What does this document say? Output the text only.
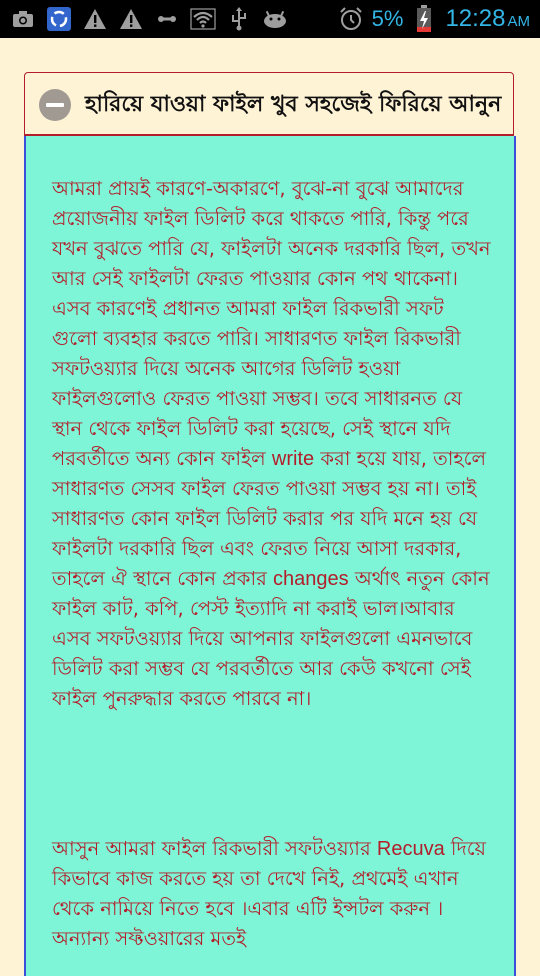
5% 12:28 AM
হারিয়ে যাওয়া ফাইল খুব সহজেই ফিরিয়ে আনুন

আমরা প্রায়ই কারণে-অকারণে, বুঝে-না বুঝে আমাদের প্রয়োজনীয় ফাইল ডিলিট করে থাকতে পারি, কিন্তু পরে যখন বুঝতে পারি যে, ফাইলটা অনেক দরকারি ছিল, তখন আর সেই ফাইলটা ফেরত পাওয়ার কোন পথ থাকেনা। এসব কারণেই প্রধানত আমরা ফাইল রিকভারী সফট গুলো ব্যবহার করতে পারি। সাধারণত ফাইল রিকভারী সফটওয়্যার দিয়ে অনেক আগের ডিলিট হওয়া ফাইলগুলোও ফেরত পাওয়া সম্ভব। তবে সাধারনত যে স্থান থেকে ফাইল ডিলিট করা হয়েছে, সেই স্থানে যদি পরবর্তীতে অন্য কোন ফাইল write করা হয়ে যায়, তাহলে সাধারণত সেসব ফাইল ফেরত পাওয়া সম্ভব হয় না। তাই সাধারণত কোন ফাইল ডিলিট করার পর যদি মনে হয় যে ফাইলটা দরকারি ছিল এবং ফেরত নিয়ে আসা দরকার, তাহলে ঐ স্থানে কোন প্রকার changes অর্থাৎ নতুন কোন ফাইল কাট, কপি, পেস্ট ইত্যাদি না করাই ভাল।আবার এসব সফটওয়্যার দিয়ে আপনার ফাইলগুলো এমনভাবে ডিলিট করা সম্ভব যে পরবর্তীতে আর কেউ কখনো সেই ফাইল পুনরুদ্ধার করতে পারবে না।

আসুন আমরা ফাইল রিকভারী সফটওয়্যার Recuva দিয়ে কিভাবে কাজ করতে হয় তা দেখে নিই, প্রথমেই এখান থেকে নামিয়ে নিতে হবে ।এবার এটি ইন্সটল করুন । অন্যান্য সফ্টওয়ারের মতই
